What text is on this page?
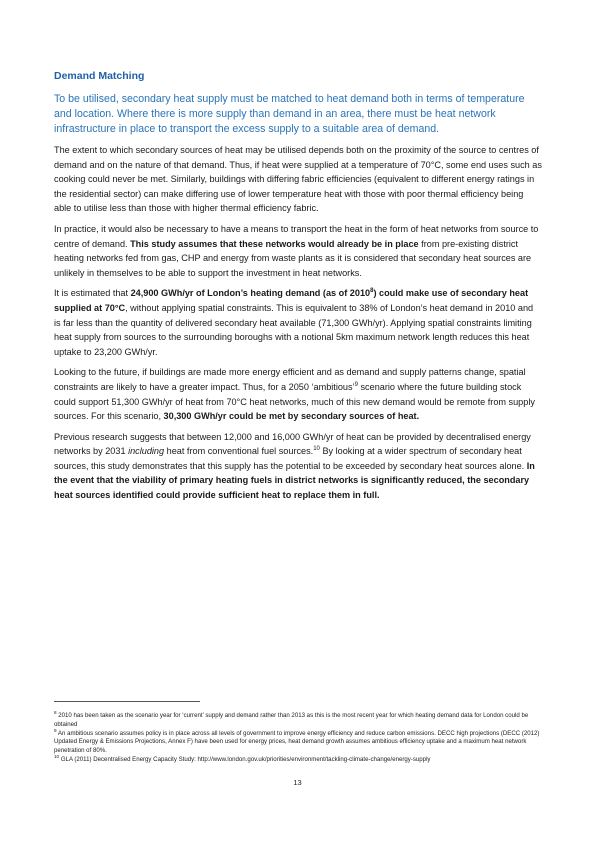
Demand Matching

To be utilised, secondary heat supply must be matched to heat demand both in terms of temperature and location. Where there is more supply than demand in an area, there must be heat network infrastructure in place to transport the excess supply to a suitable area of demand.

The extent to which secondary sources of heat may be utilised depends both on the proximity of the source to centres of demand and on the nature of that demand. Thus, if heat were supplied at a temperature of 70°C, some end uses such as cooking could never be met. Similarly, buildings with differing fabric efficiencies (equivalent to different energy ratings in the residential sector) can make differing use of lower temperature heat with those with poor thermal efficiency being able to utilise less than those with higher thermal efficiency fabric.

In practice, it would also be necessary to have a means to transport the heat in the form of heat networks from source to centre of demand. This study assumes that these networks would already be in place from pre-existing district heating networks fed from gas, CHP and energy from waste plants as it is considered that secondary heat sources are unlikely in themselves to be able to support the investment in heat networks.

It is estimated that 24,900 GWh/yr of London’s heating demand (as of 2010$^8$) could make use of secondary heat supplied at 70°C, without applying spatial constraints. This is equivalent to 38% of London’s heat demand in 2010 and is far less than the quantity of delivered secondary heat available (71,300 GWh/yr). Applying spatial constraints limiting heat supply from sources to the surrounding boroughs with a notional 5km maximum network length reduces this heat uptake to 23,200 GWh/yr.

Looking to the future, if buildings are made more energy efficient and as demand and supply patterns change, spatial constraints are likely to have a greater impact. Thus, for a 2050 ‘ambitious’$^9$ scenario where the future building stock could support 51,300 GWh/yr of heat from 70°C heat networks, much of this new demand would be remote from supply sources. For this scenario, 30,300 GWh/yr could be met by secondary sources of heat.

Previous research suggests that between 12,000 and 16,000 GWh/yr of heat can be provided by decentralised energy networks by 2031 including heat from conventional fuel sources.$^{10}$ By looking at a wider spectrum of secondary heat sources, this study demonstrates that this supply has the potential to be exceeded by secondary heat sources alone. In the event that the viability of primary heating fuels in district networks is significantly reduced, the secondary heat sources identified could provide sufficient heat to replace them in full.

$^8$ 2010 has been taken as the scenario year for ‘current’ supply and demand rather than 2013 as this is the most recent year for which heating demand data for London could be obtained
$^9$ An ambitious scenario assumes policy is in place across all levels of government to improve energy efficiency and reduce carbon emissions. DECC high projections (DECC (2012) Updated Energy & Emissions Projections, Annex F) have been used for energy prices, heat demand growth assumes ambitious efficiency uptake and a maximum heat network penetration of 80%.
$^{10}$ GLA (2011) Decentralised Energy Capacity Study: http://www.london.gov.uk/priorities/environment/tackling-climate-change/energy-supply
13
